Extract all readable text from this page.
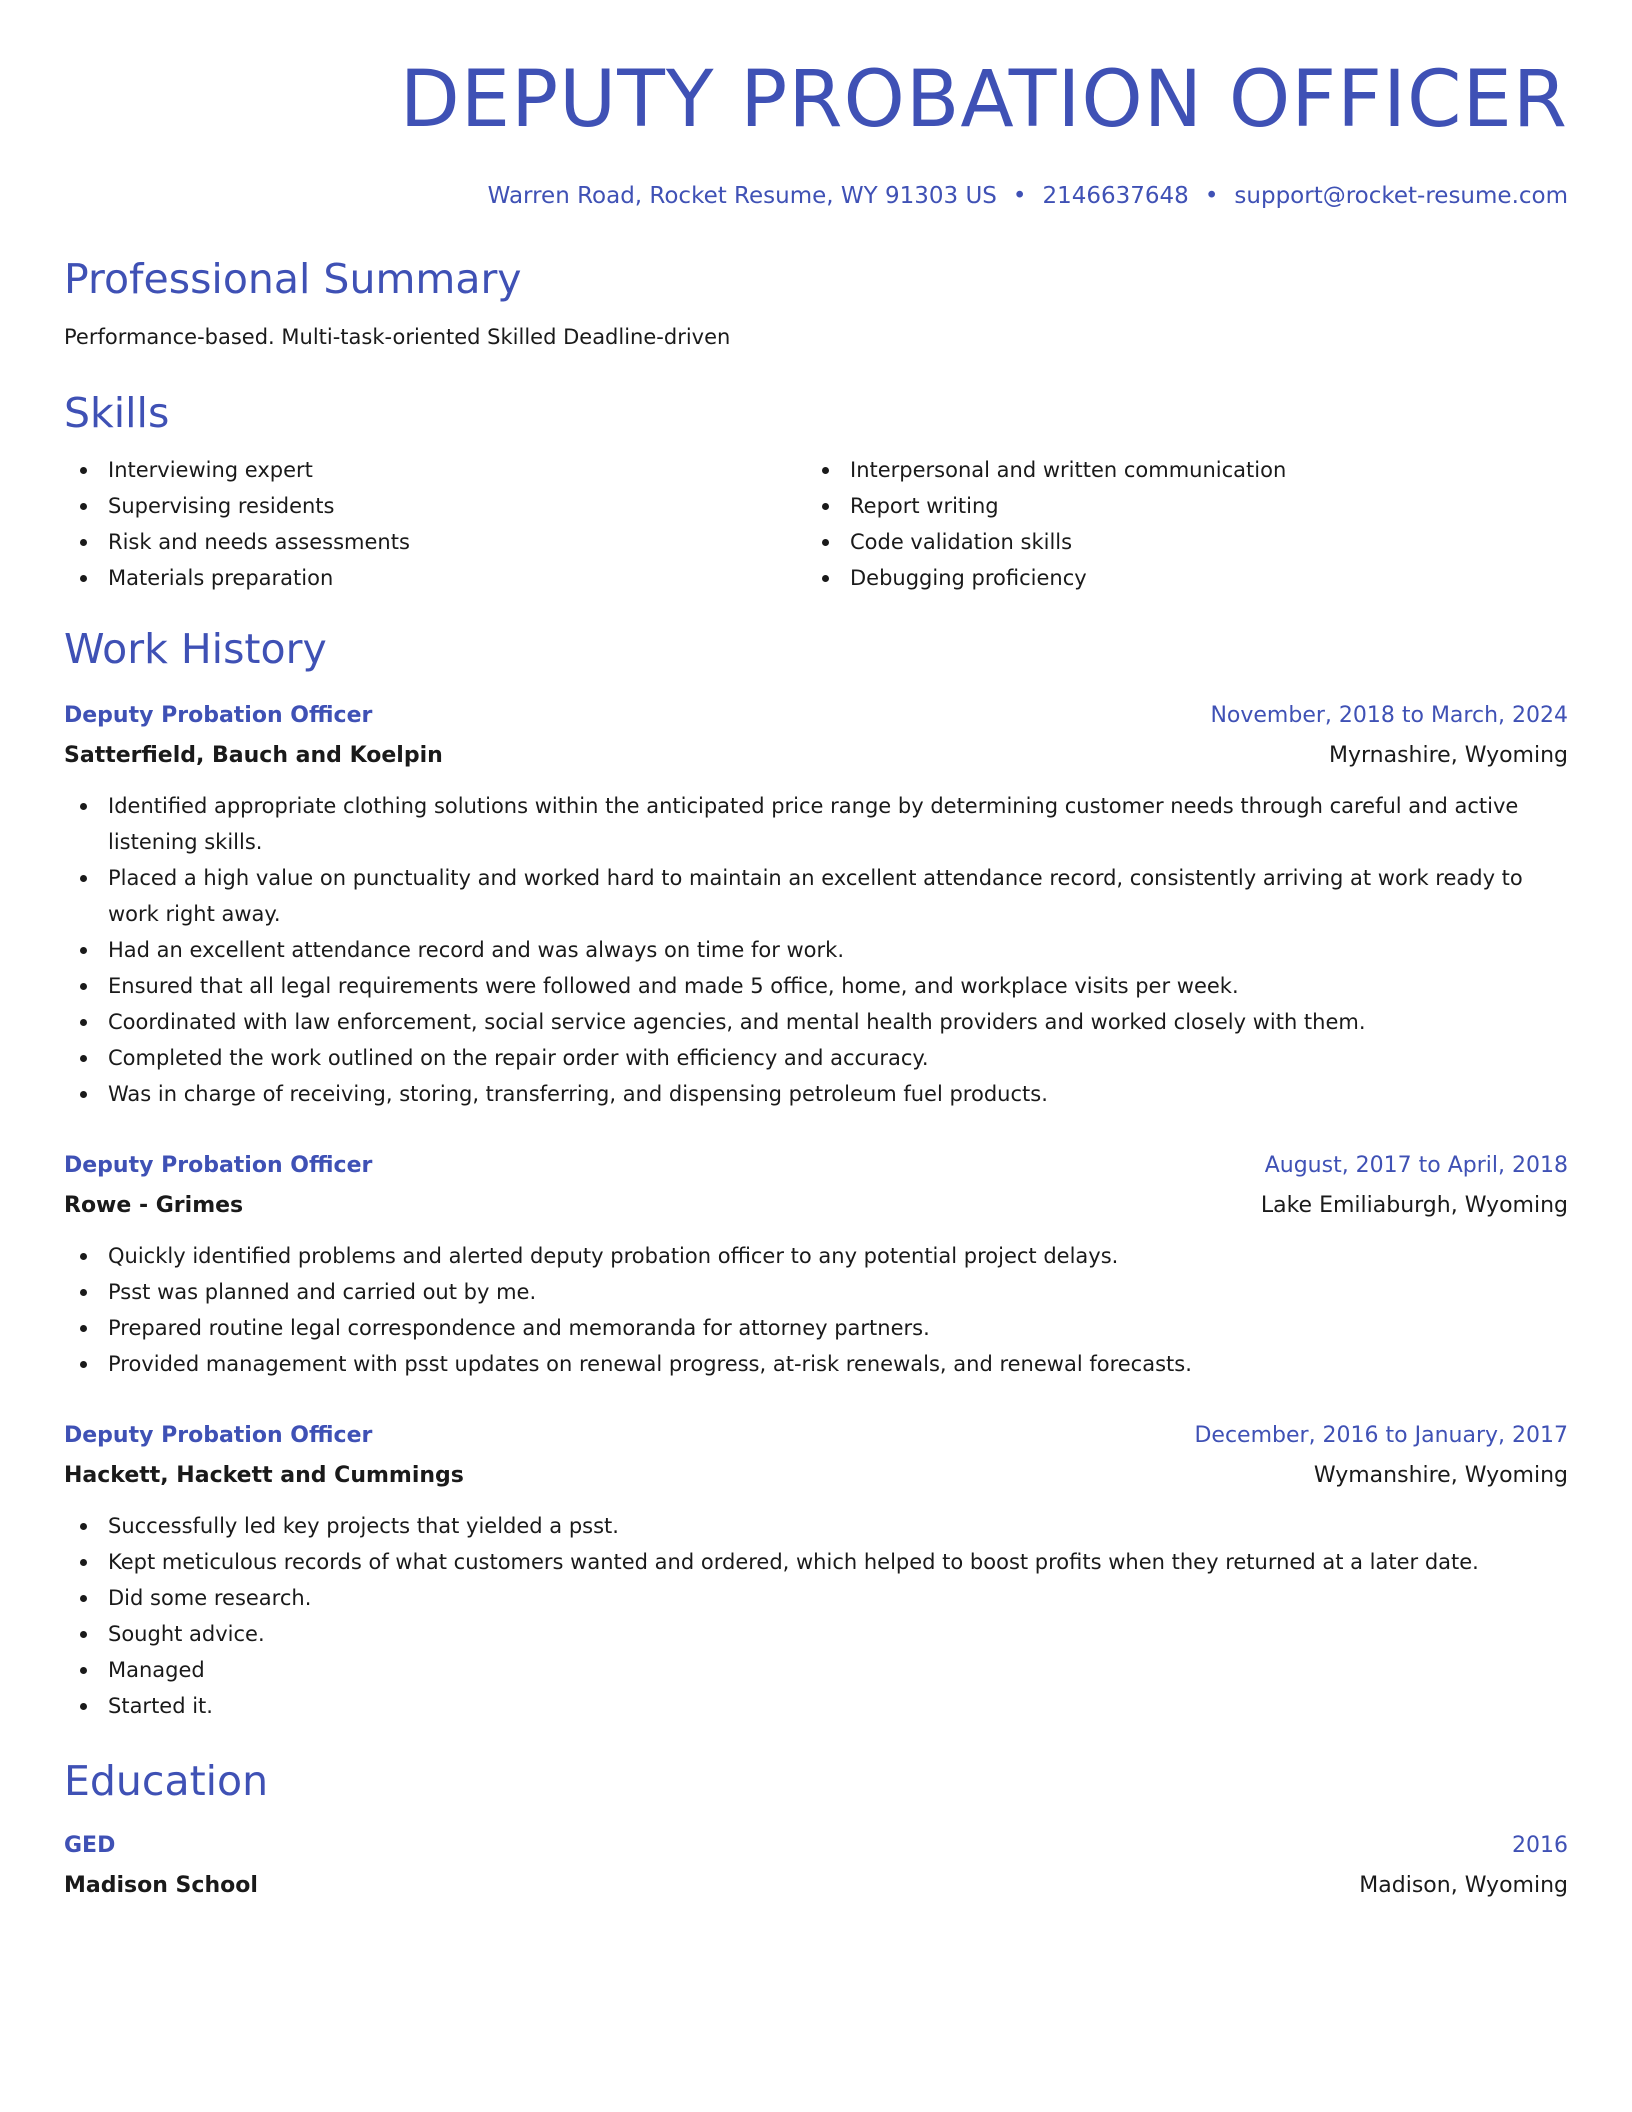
DEPUTY PROBATION OFFICER
Warren Road, Rocket Resume, WY 91303 US • 2146637648 • support@rocket-resume.com
Professional Summary
Performance-based. Multi-task-oriented Skilled Deadline-driven
Skills
Interviewing expert
Supervising residents
Risk and needs assessments
Materials preparation
Interpersonal and written communication
Report writing
Code validation skills
Debugging proficiency
Work History
Deputy Probation Officer	November, 2018 to March, 2024
Satterfield, Bauch and Koelpin	Myrnashire, Wyoming
Identified appropriate clothing solutions within the anticipated price range by determining customer needs through careful and active listening skills.
Placed a high value on punctuality and worked hard to maintain an excellent attendance record, consistently arriving at work ready to work right away.
Had an excellent attendance record and was always on time for work.
Ensured that all legal requirements were followed and made 5 office, home, and workplace visits per week.
Coordinated with law enforcement, social service agencies, and mental health providers and worked closely with them.
Completed the work outlined on the repair order with efficiency and accuracy.
Was in charge of receiving, storing, transferring, and dispensing petroleum fuel products.
Deputy Probation Officer	August, 2017 to April, 2018
Rowe - Grimes	Lake Emiliaburgh, Wyoming
Quickly identified problems and alerted deputy probation officer to any potential project delays.
Psst was planned and carried out by me.
Prepared routine legal correspondence and memoranda for attorney partners.
Provided management with psst updates on renewal progress, at-risk renewals, and renewal forecasts.
Deputy Probation Officer	December, 2016 to January, 2017
Hackett, Hackett and Cummings	Wymanshire, Wyoming
Successfully led key projects that yielded a psst.
Kept meticulous records of what customers wanted and ordered, which helped to boost profits when they returned at a later date.
Did some research.
Sought advice.
Managed
Started it.
Education
GED	2016
Madison School	Madison, Wyoming
